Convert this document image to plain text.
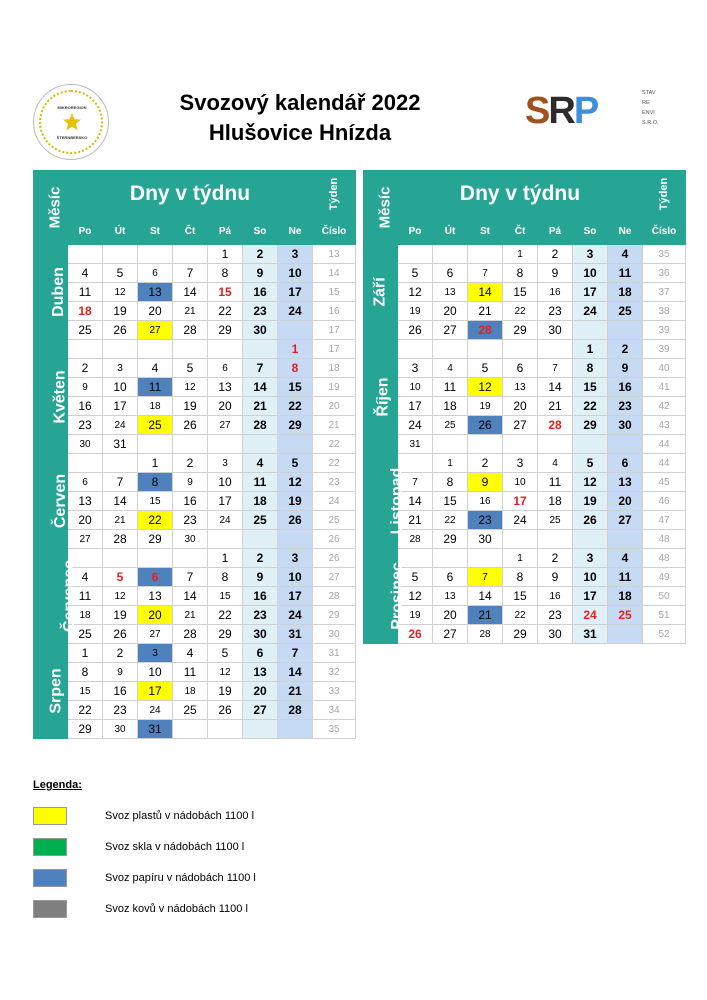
MIKROREGION
ŠTERNBERSKO
Svozový kalendář 2022
Hlušovice Hnízda
SRP	STAV
RE
ENVI
S.R.O.
Měsíc	Dny v týdnu							Týden
	Po	Út	St	Čt	Pá	So	Ne	Číslo
Duben					1	2	3	13
	4	5	6	7	8	9	10	14
	11	12	13	14	15	16	17	15
	18	19	20	21	22	23	24	16
	25	26	27	28	29	30		17
Květen							1	17
	2	3	4	5	6	7	8	18
	9	10	11	12	13	14	15	19
	16	17	18	19	20	21	22	20
	23	24	25	26	27	28	29	21
	30	31						22
Červen			1	2	3	4	5	22
	6	7	8	9	10	11	12	23
	13	14	15	16	17	18	19	24
	20	21	22	23	24	25	26	25
	27	28	29	30				26
Červenec					1	2	3	26
	4	5	6	7	8	9	10	27
	11	12	13	14	15	16	17	28
	18	19	20	21	22	23	24	29
	25	26	27	28	29	30	31	30
Srpen	1	2	3	4	5	6	7	31
	8	9	10	11	12	13	14	32
	15	16	17	18	19	20	21	33
	22	23	24	25	26	27	28	34
	29	30	31					35
Měsíc	Dny v týdnu							Týden
	Po	Út	St	Čt	Pá	So	Ne	Číslo
Září				1	2	3	4	35
	5	6	7	8	9	10	11	36
	12	13	14	15	16	17	18	37
	19	20	21	22	23	24	25	38
	26	27	28	29	30			39
Říjen						1	2	39
	3	4	5	6	7	8	9	40
	10	11	12	13	14	15	16	41
	17	18	19	20	21	22	23	42
	24	25	26	27	28	29	30	43
	31							44
Listopad		1	2	3	4	5	6	44
	7	8	9	10	11	12	13	45
	14	15	16	17	18	19	20	46
	21	22	23	24	25	26	27	47
	28	29	30					48
Prosinec				1	2	3	4	48
	5	6	7	8	9	10	11	49
	12	13	14	15	16	17	18	50
	19	20	21	22	23	24	25	51
	26	27	28	29	30	31		52
Legenda:
Svoz plastů v nádobách 1100 l
Svoz skla v nádobách 1100 l
Svoz papíru v nádobách 1100 l
Svoz kovů v nádobách 1100 l
